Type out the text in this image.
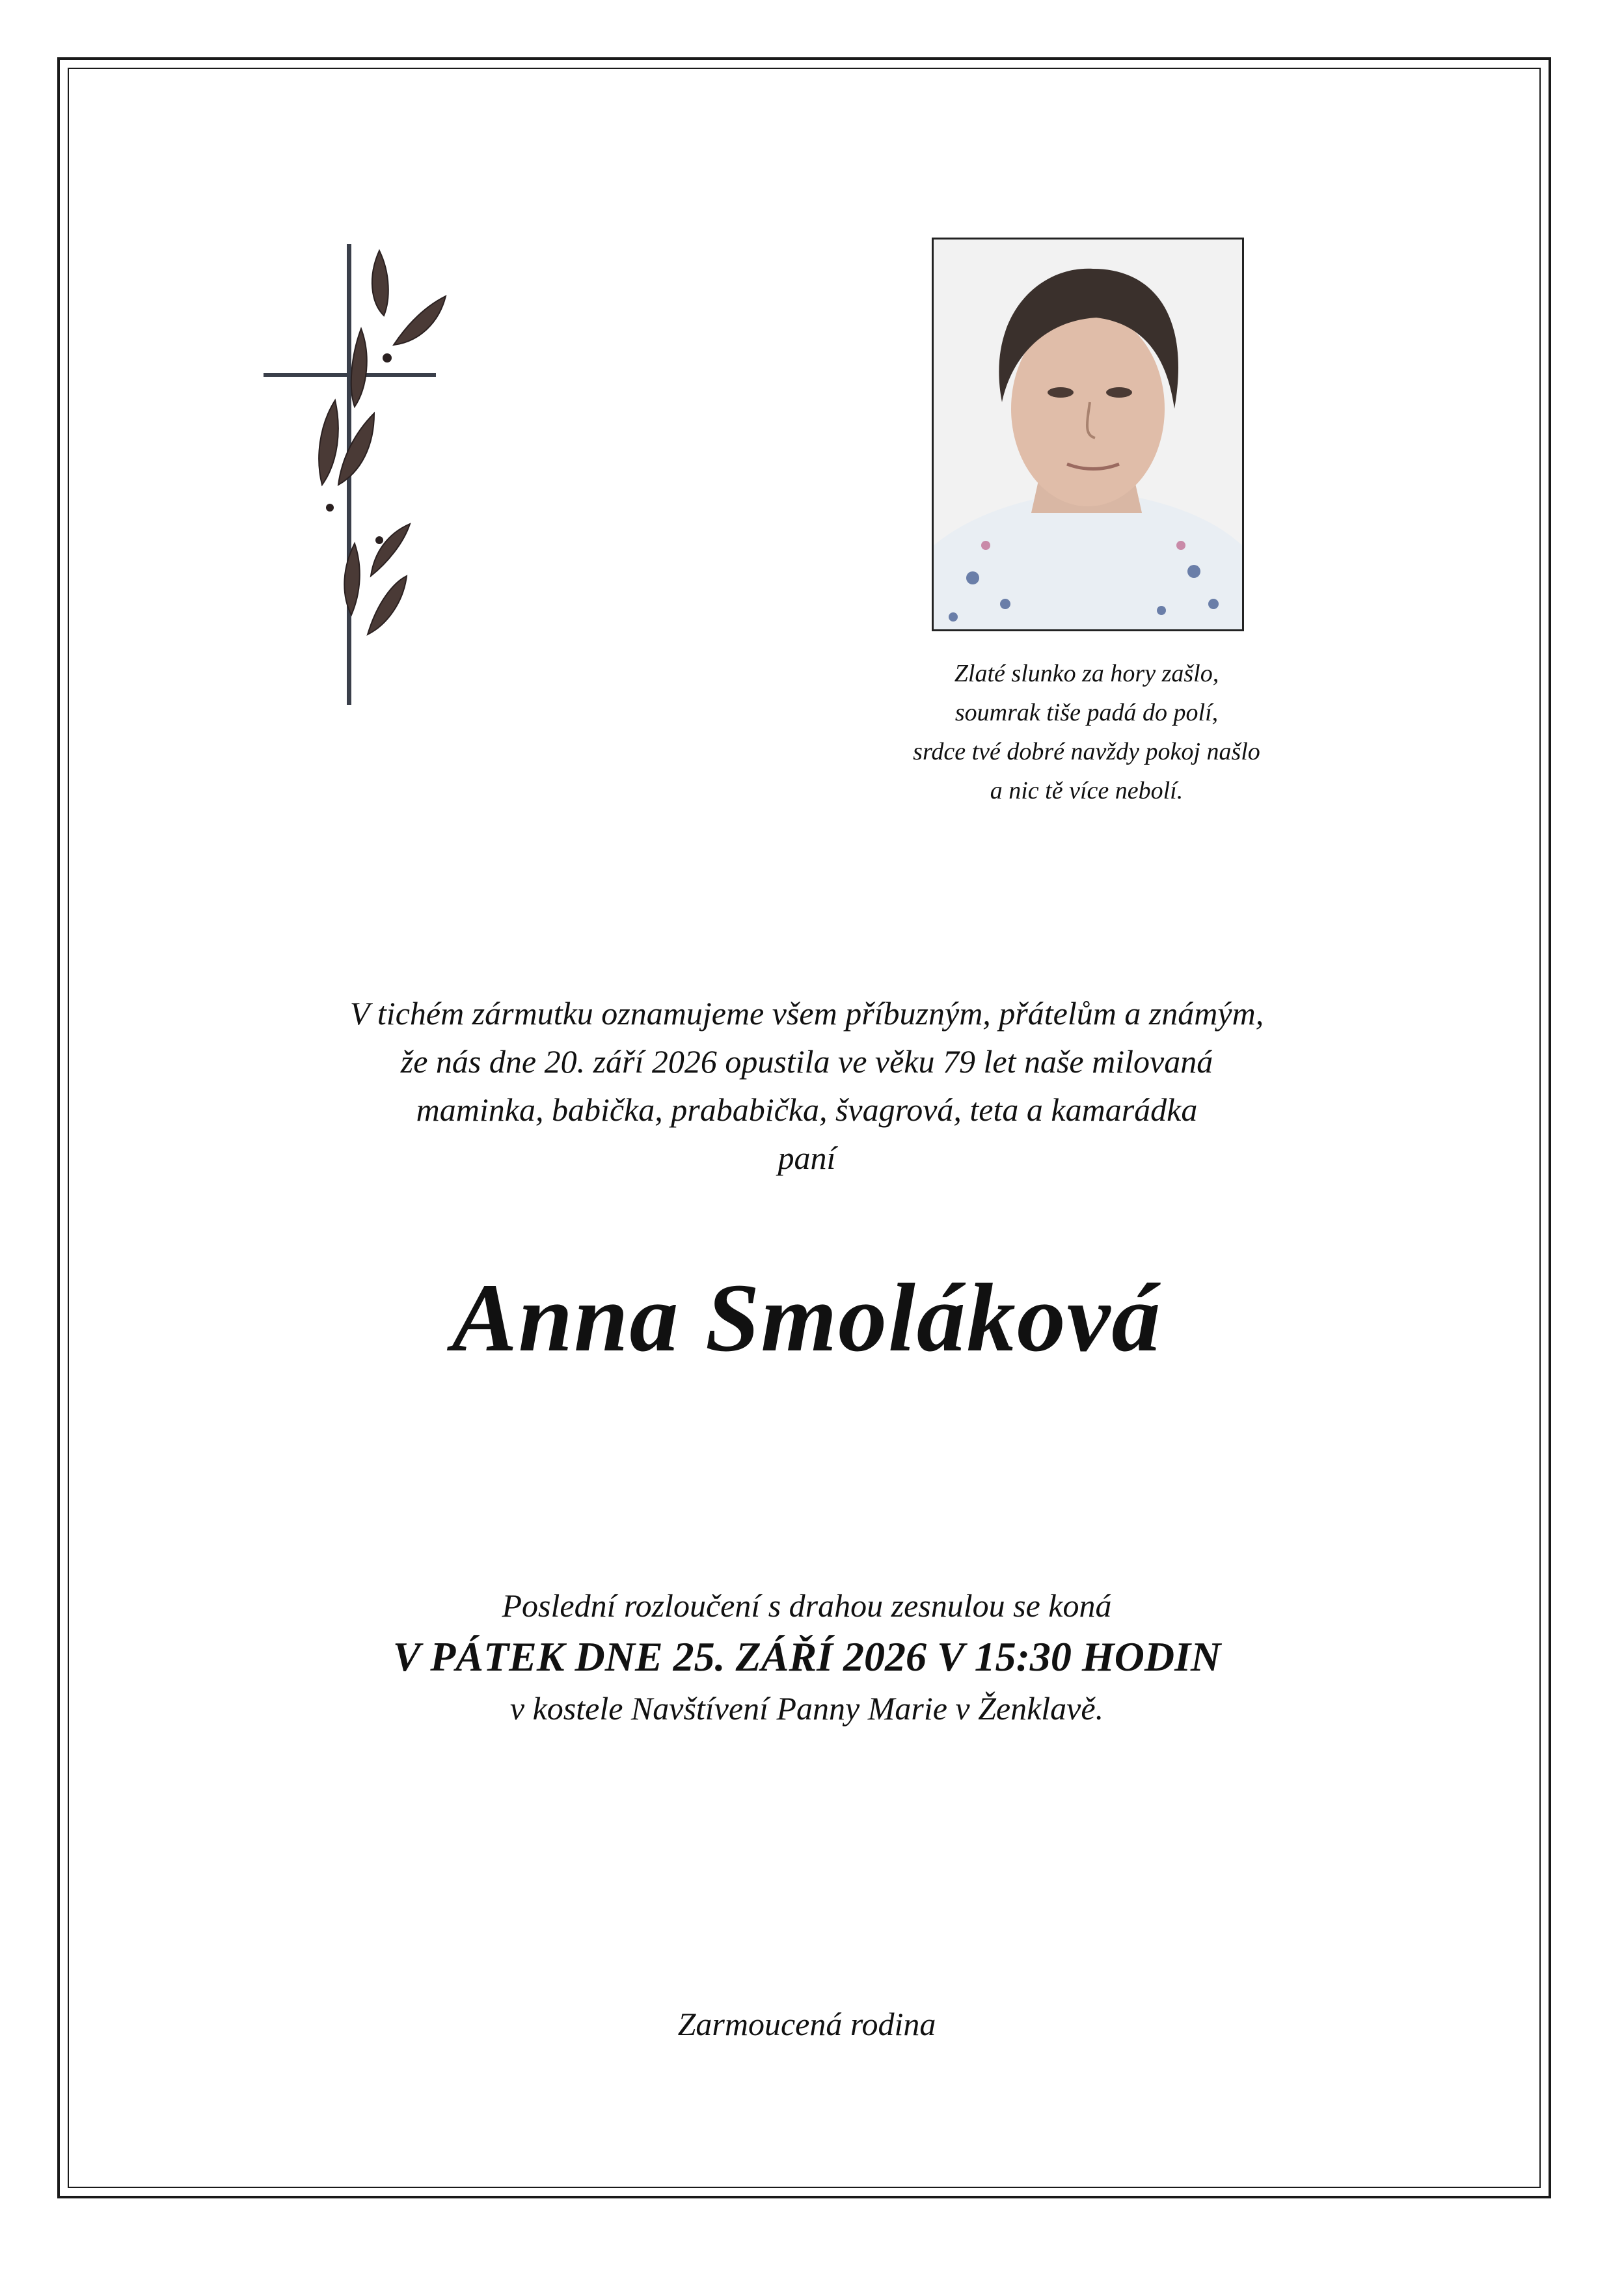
Zlaté slunko za hory zašlo,
soumrak tiše padá do polí,
srdce tvé dobré navždy pokoj našlo
a nic tě více nebolí.
V tichém zármutku oznamujeme všem příbuzným, přátelům a známým,
že nás dne 20. září 2026 opustila ve věku 79 let naše milovaná
maminka, babička, prababička, švagrová, teta a kamarádka
paní
Anna Smoláková
Poslední rozloučení s drahou zesnulou se koná
V PÁTEK DNE 25. ZÁŘÍ 2026 V 15:30 HODIN
v kostele Navštívení Panny Marie v Ženklavě.
Zarmoucená rodina
